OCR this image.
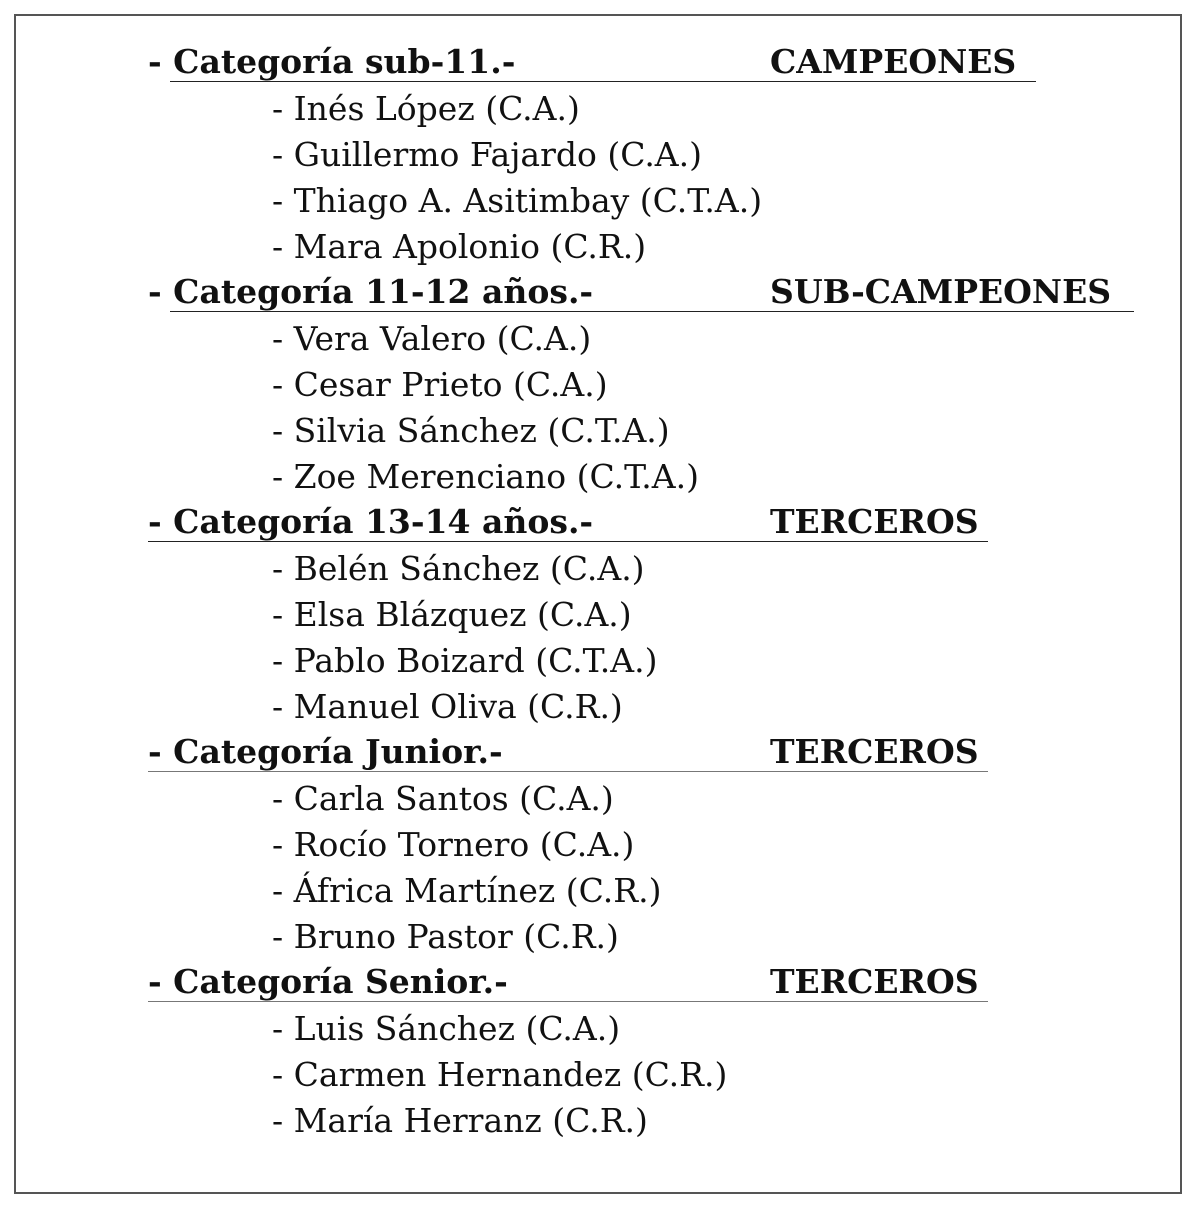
- Categoría sub-11.-	CAMPEONES
- Inés López (C.A.)
- Guillermo Fajardo (C.A.)
- Thiago A. Asitimbay (C.T.A.)
- Mara Apolonio (C.R.)
- Categoría 11-12 años.-	SUB-CAMPEONES
- Vera Valero (C.A.)
- Cesar Prieto (C.A.)
- Silvia Sánchez (C.T.A.)
- Zoe Merenciano (C.T.A.)
- Categoría 13-14 años.-	TERCEROS
- Belén Sánchez (C.A.)
- Elsa Blázquez (C.A.)
- Pablo Boizard (C.T.A.)
- Manuel Oliva (C.R.)
- Categoría Junior.-	TERCEROS
- Carla Santos (C.A.)
- Rocío Tornero (C.A.)
- África Martínez (C.R.)
- Bruno Pastor (C.R.)
- Categoría Senior.-	TERCEROS
- Luis Sánchez (C.A.)
- Carmen Hernandez (C.R.)
- María Herranz (C.R.)
